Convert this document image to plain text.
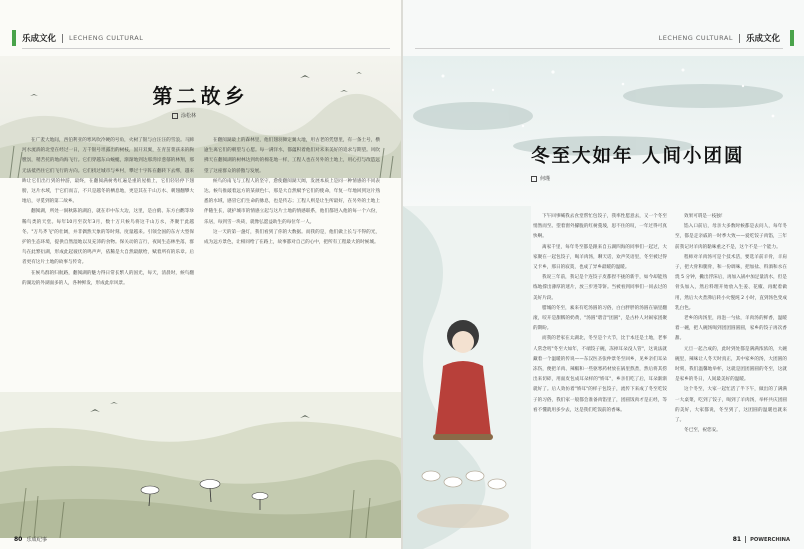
乐成文化 LECHENG CULTURAL
第二故乡
涂松林

在广袤大地间，西伯利亚的寒风吹冷硬的号角，火树了银与白汪汪的雪浪。马蹄河水流淌的北堂在经过一日，万千银号坦露出的树枝，固开双翼，在青苗菜孩来的胸膛氛，稍苦托的地尚海飞行。它们穿越东山蜿蜒，渐渐地到达那湾岸葱郁的林翔，那无法抵挡住它们飞行的方向。它们找过城市与乡村，攀过十字阵在翻转下去绑，越来眸让它们出行到的仲游，最终，在翻阅满树秀红遍是重的屋檐上，它们轻轻停下翅膀，这片水域，于它们而言，不只是越冬的栖息地，更是其在千山万水、刺翅翻攀大地后，寻觅到的第二故乡。

翻阅湖，所处一洞秋陈的湖泊，就在市中东大边，这里，是白鹤、东方白鹳等珍稀鸟类的天堂。每年10月至次年3月，数十万只候鸟将这千山万水，齐聚于此越冬。"万鸟齐飞"的壮阔，并非偶然天象的等时刻。度量越来。引领全国的东方大型保护的生态环境，提供自然湿地以及充沛的食物。保关动的言行，夜间生态林坐落，群鸟在此繁衍湖，形成此起彼伏的鸣声声，依稀是大自然最献给，赋着所有的乐章。后者更有这片土地的故事与传奇。

在候鸟群的归航路，翻阅湖的魅力得日常长繁人的国光，每天，清晨时，候鸟翻的湖边的外湖面多的人，各种鲜发，形成此岸风景。

在翻阅湖最上的森林里，他们翅羽舞定翼大地，用古老的凭想里，有一条土号，横逾生离它们的朝望与心愿。每一满洋水，都蕴积着他们对未来美好的追求与期望。风吹拂天在翻阅湖的树林达到幼的棉花地一样，工程人也在另外的土地上，用心打与改造远望了这座群众的骄傲与发展。

候鸟的南飞与工程人的坚守，愈使翻阅湖天阔，发展本质上是同一种情感的不同表达。候鸟推敲着远方的某颜色仁，那是大自然赋予它们的使命，年复一年地回到这片熟悉的水域，感冒它们生命的脉息，也是传志；工程人则是让生所最好，在另外的土地上伴随生长，就护城市的情感立起与这片土地的情感联系，他们都进入他的每一个六份，乐居，每到雪一块砖，就像弘愿益助生的每位年一人。

这一天的第一盏灯，我们看到了你的大数据。而我的是，他们做上长与不得的光，成为远方景色，让相同给了在路上，故事都对自己的心中，把所有工程最大的时候城。

80 乐成纪事
LECHENG CULTURAL 乐成文化
冬至大如年 人间小团圆
何瑾

下午回事喊我去食堂帮忙包饺子，我率性愿意去，又一个冬至悄然而至。望着窗外朦胧的红树蔓坡，思不住的叹，一年过得可真快啊。

离家千里，每年冬至都是跟来自五湖四海的同事们一起过，大家聚在一起包饺子，喝羊肉汤，聊天话，欢声笑语里，冬至被过得又卡乡，那日的寂寞，也成了异乡最暖的温暖。

我说三年前，我记是个连饺子皮都捏不拢的新手，如今却能熟练地撑出薄厚的迷片，放三步进等饼。当被看到同事们一同去过的美好片段。

腊城的冬至，素来有吃汤圆的习俗，白白胖胖的汤圆在锅里翻滚，咬开是甜糯的奶黄，"汤圆"谐音"团圆"，是古朴人对闹家团聚的期盼。

而我的老家在太湖北，冬至是个大节，比于本还是土地，老事人常念叨"冬至大如年，不端饺子碗，冻掉耳朵没人管"，这说法就藏着一个温暖的传说——东汉医圣张仲景冬至回乡，见乡亲们耳朵冻伤，便把羊肉、辣椒和一些驱寒药材放在锅里熬煮，然后将其捞出来切碎，用面皮包成耳朵样的"娇耳"，乡亲们吃了后，耳朵渐渐就好了。后人效仿着"娇耳"的样子包饺子，流传下来成了冬至吃饺子的习俗，我们家一般都会准备肉馅里了，团圆饭肉才是正经，等看不懂就用多少去，这是我们吃饭前的香味。

效果可谓是一枝独！

馅入口前后，母亲大多数时候都是去问人，每年冬至，都是走亲戚的一时季大致——爱吃饺子肉馅，三年前我记对羊肉的黏味重之不是，这个不是一个能力。

程师对羊肉汤可是个技术活，要选羊前羊骨，羊肩子，把大骨和腿骨，和一份调味，把加盐、料酒和水在烧 5 分钟，撇出浮沫后，再加入锅中加足量清水，但是骨头加入，然后料理开始放入生姜、花椒、再配着做用，然后大火煮沸后转小火慢炖 2 小时，直到汤色变成乳白色。

老乡的肉汤里，再泡一勺盐，羊肉汤的鲜香，温暖着一碗，把人碗汤喝到团团圆圆圆，家乡的饺子再次香甜。

元旦一起合成的，此时到处都是满满浓浓的，大碗碗里，辣味让人冬天时真正，其中家乡的汤，大团圆的时刻，我们温馨地举杯，这就是团团圆圆的冬至，这就是家乡的冬日，人间最美好的温暖。

这个冬至，大家一起忙活了半下午，做出的了满满一大桌菜，吃到了饺子，喝到了羊肉汤，举杯共庆团圆的美好，大家都说，冬至到了，这团圆的温暖也就来了。

冬已至，祝您安。

81 POWERCHINA
